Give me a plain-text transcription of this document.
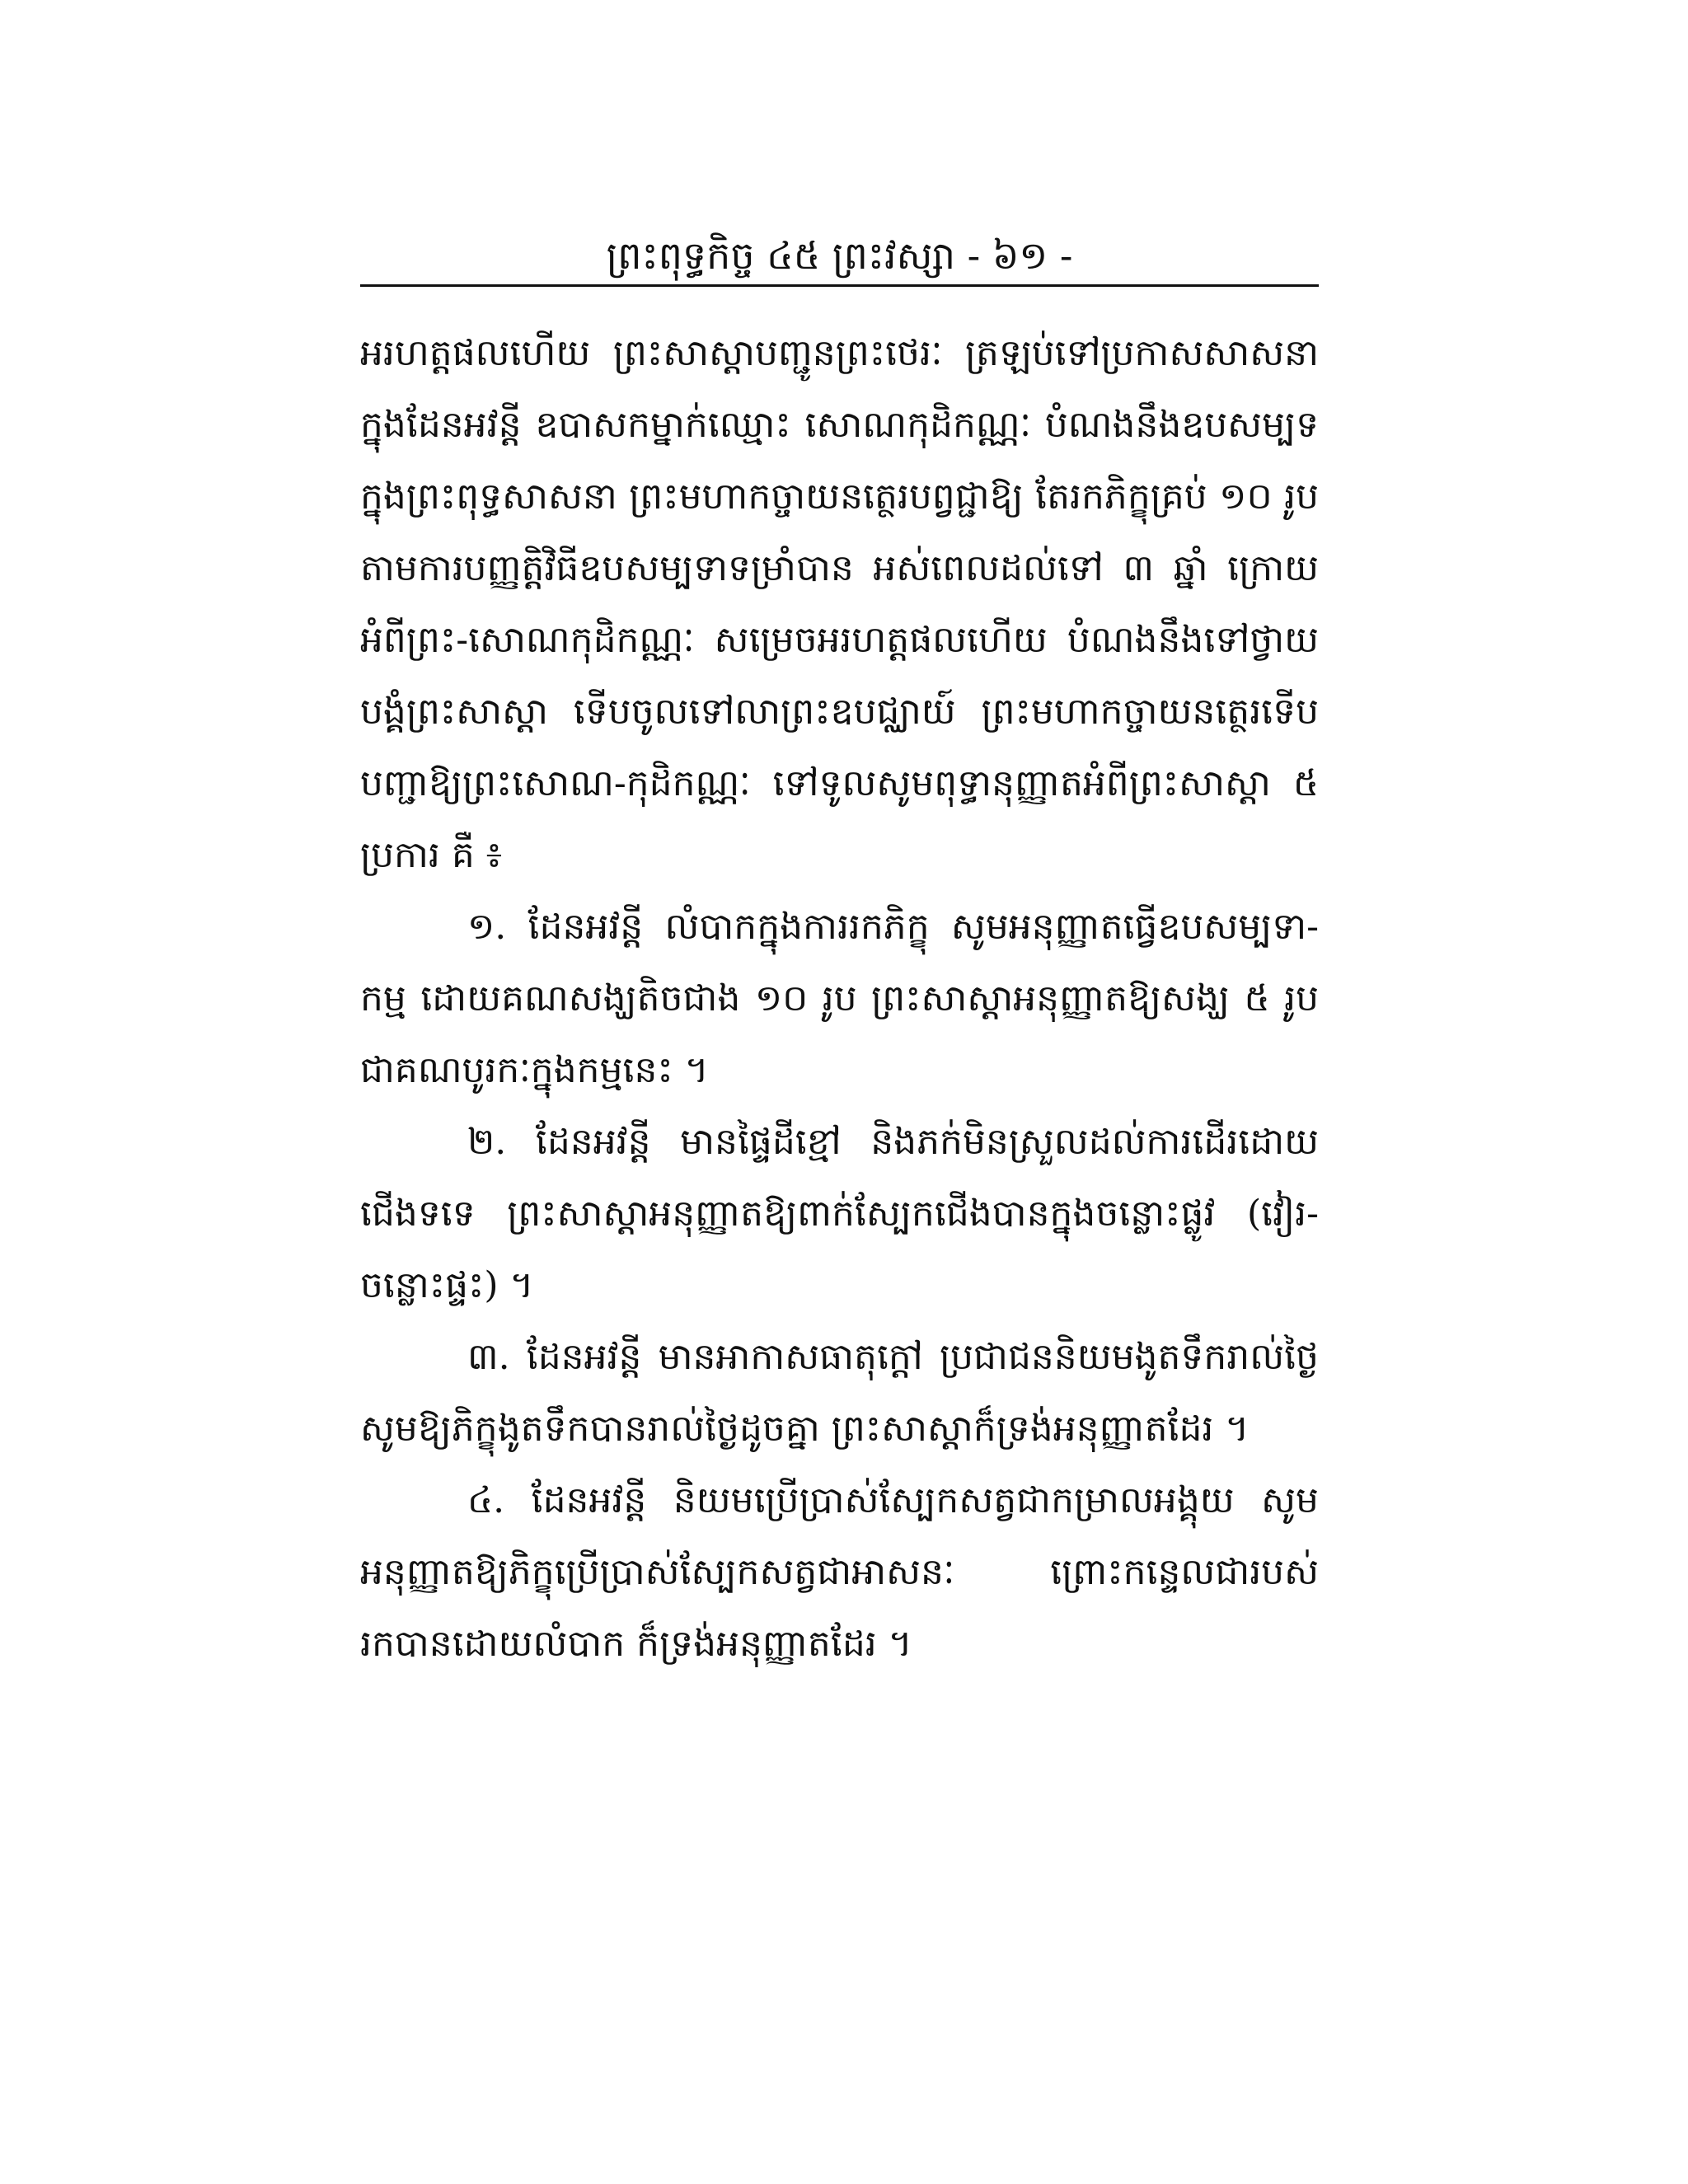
ព្រះពុទ្ធកិច្ច ៤៥ ព្រះវស្សា - ៦១ -

អរហត្តផលហើយ ព្រះសាស្តាបញ្ជូនព្រះថេរៈ ត្រឡប់ទៅប្រកាសសាសនាក្នុងដែនអវន្តី ឧបាសកម្នាក់ឈ្មោះ សោណកុដិកណ្ណៈ បំណងនឹងឧបសម្បទក្នុងព្រះពុទ្ធសាសនា ព្រះមហាកច្ចាយនត្ថេរបព្វជ្ជាឱ្យ តែរកភិក្ខុគ្រប់ ១០ រូបតាមការបញ្ញត្តិវិធីឧបសម្បទាទម្រាំបាន អស់ពេលដល់ទៅ ៣ ឆ្នាំ ក្រោយអំពីព្រះ-សោណកុដិកណ្ណៈ សម្រេចអរហត្តផលហើយ បំណងនឹងទៅថ្វាយបង្គំព្រះសាស្តា ទើបចូលទៅលាព្រះឧបជ្ឈាយ៍ ព្រះមហាកច្ចាយនត្ថេរទើបបញ្ជាឱ្យព្រះសោណ-កុដិកណ្ណៈ ទៅទូលសូមពុទ្ធានុញ្ញាតអំពីព្រះសាស្តា ៥ ប្រការ គឺ ៖

១. ដែនអវន្តី លំបាកក្នុងការរកភិក្ខុ សូមអនុញ្ញាតធ្វើឧបសម្បទា-កម្ម ដោយគណសង្ឃតិចជាង ១០ រូប ព្រះសាស្តាអនុញ្ញាតឱ្យសង្ឃ ៥ រូប ជាគណបូរកៈក្នុងកម្មនេះ ។

២. ដែនអវន្តី មានផ្ទៃដីខ្មៅ និងភក់មិនស្រួលដល់ការដើរដោយជើងទទេ ព្រះសាស្តាអនុញ្ញាតឱ្យពាក់ស្បែកជើងបានក្នុងចន្លោះផ្លូវ (វៀរ-ចន្លោះផ្ទះ) ។

៣. ដែនអវន្តី មានអាកាសធាតុក្តៅ ប្រជាជននិយមងូតទឹករាល់ថ្ងៃ សូមឱ្យភិក្ខុងូតទឹកបានរាល់ថ្ងៃដូចគ្នា ព្រះសាស្តាក៏ទ្រង់អនុញ្ញាតដែរ ។

៤. ដែនអវន្តី និយមប្រើប្រាស់ស្បែកសត្វជាកម្រាលអង្គុយ សូមអនុញ្ញាតឱ្យភិក្ខុប្រើប្រាស់ស្បែកសត្វជាអាសនៈ ព្រោះកន្ទេលជារបស់រកបានដោយលំបាក ក៏ទ្រង់អនុញ្ញាតដែរ ។
